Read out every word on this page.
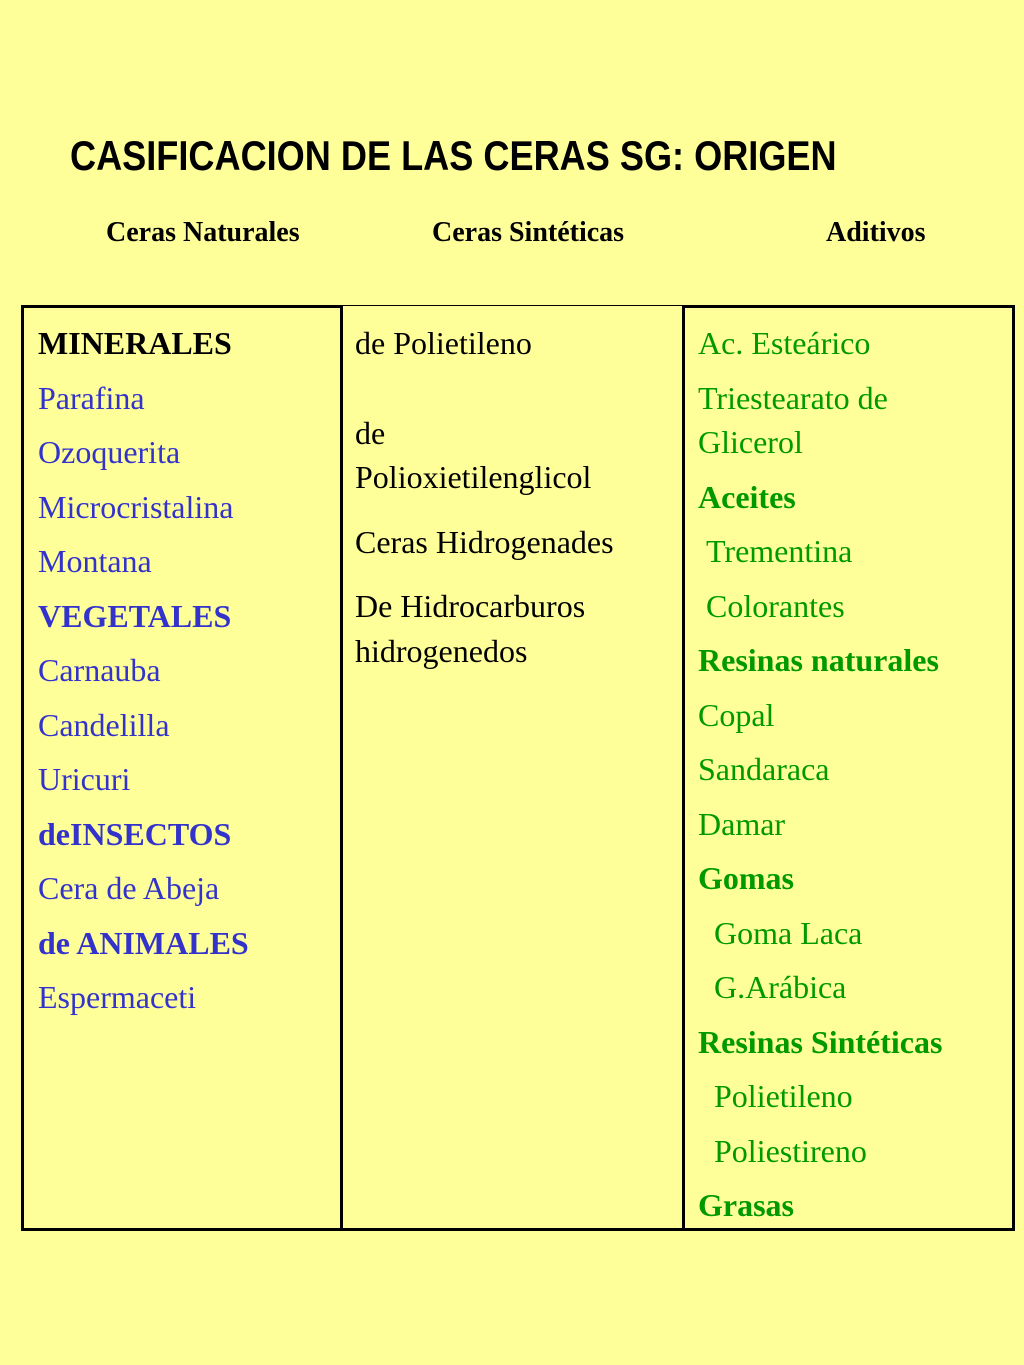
CASIFICACION DE LAS CERAS SG: ORIGEN
Ceras Naturales	Ceras Sintéticas	Aditivos
MINERALES
Parafina
Ozoquerita
Microcristalina
Montana
VEGETALES
Carnauba
Candelilla
Uricuri
deINSECTOS
Cera de Abeja
de ANIMALES
Espermaceti
de Polietileno
de
Polioxietilenglicol
Ceras Hidrogenades
De Hidrocarburos
hidrogenedos
Ac. Esteárico
Triestearato de
Glicerol
Aceites
Trementina
Colorantes
Resinas naturales
Copal
Sandaraca
Damar
Gomas
Goma Laca
G.Arábica
Resinas Sintéticas
Polietileno
Poliestireno
Grasas
